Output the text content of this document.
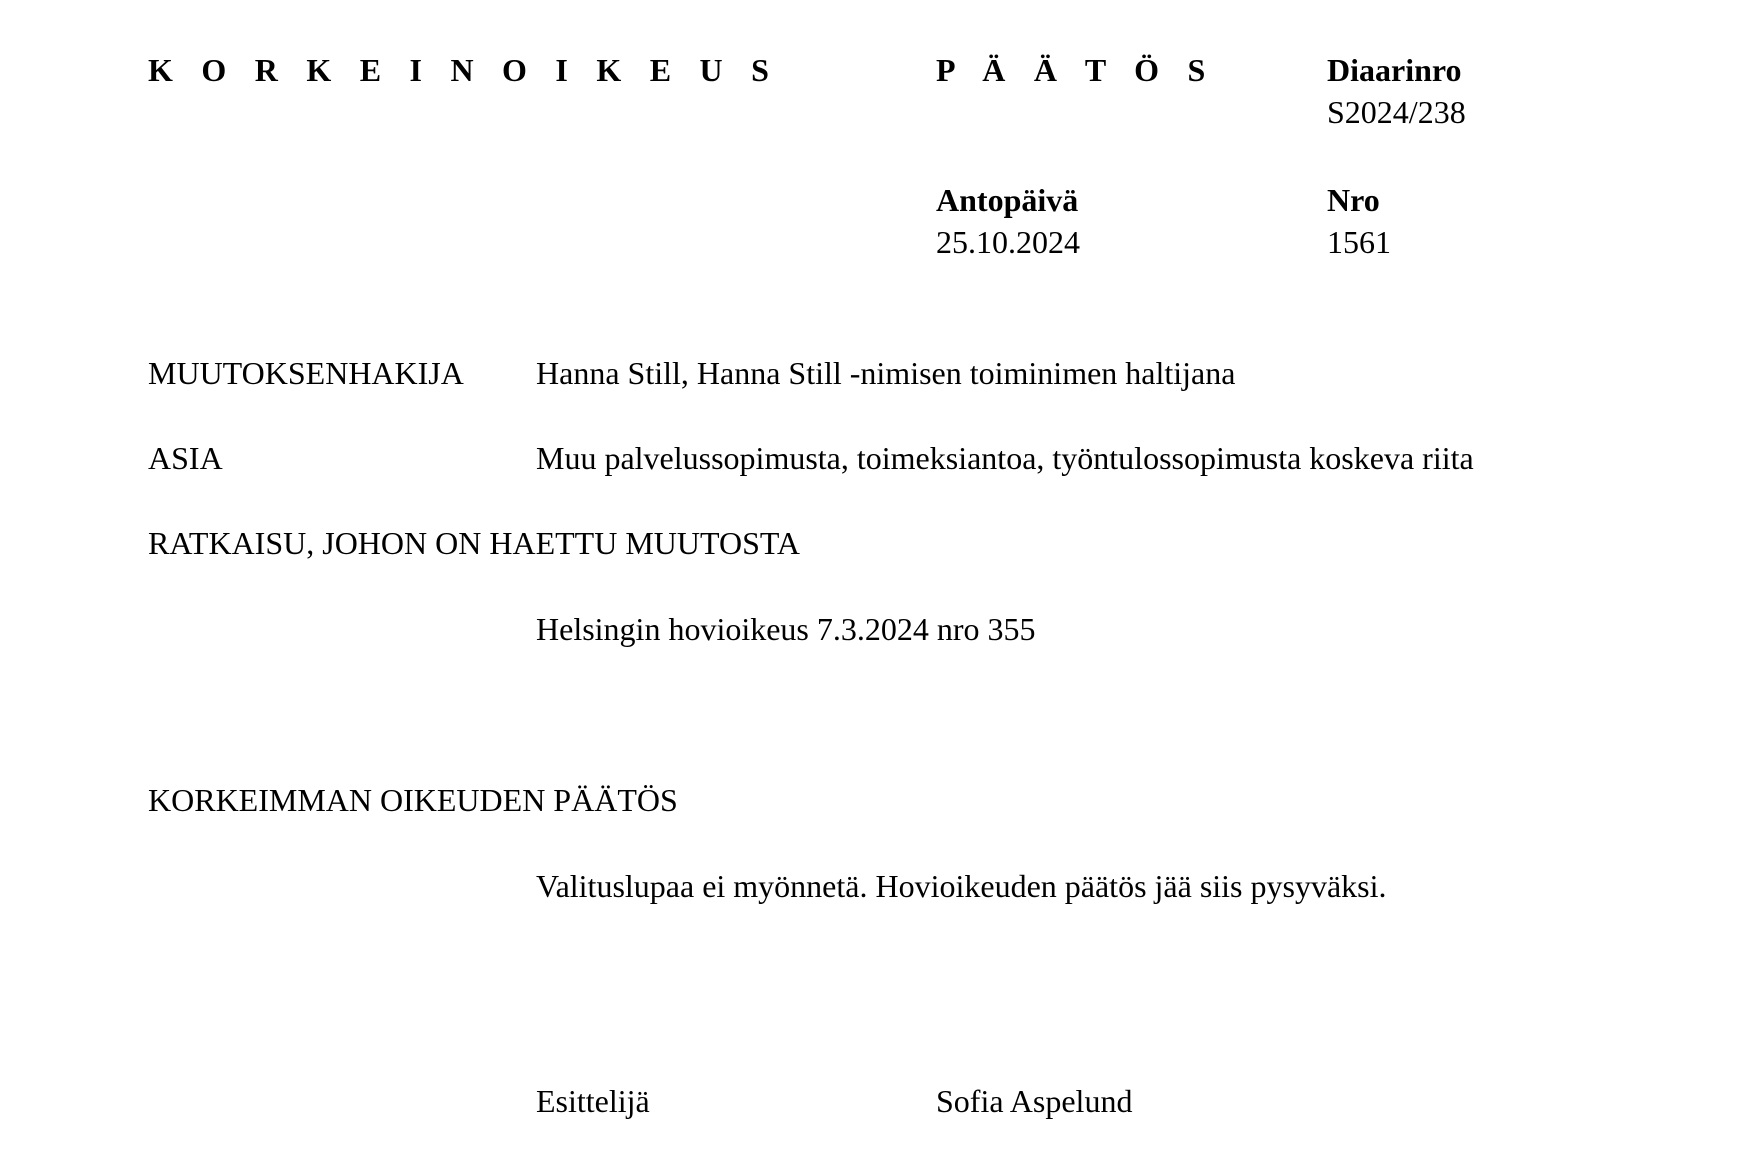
K O R K E I N O I K E U S	P Ä Ä T Ö S	Diaarinro
S2024/238
Antopäivä
25.10.2024
Nro
1561
MUUTOKSENHAKIJA Hanna Still, Hanna Still -nimisen toiminimen haltijana
ASIA	Muu palvelussopimusta, toimeksiantoa, työntulossopimusta koskeva riita
RATKAISU, JOHON ON HAETTU MUUTOSTA
Helsingin hovioikeus 7.3.2024 nro 355
KORKEIMMAN OIKEUDEN PÄÄTÖS
Valituslupaa ei myönnetä. Hovioikeuden päätös jää siis pysyväksi.
Esittelijä	Sofia Aspelund
